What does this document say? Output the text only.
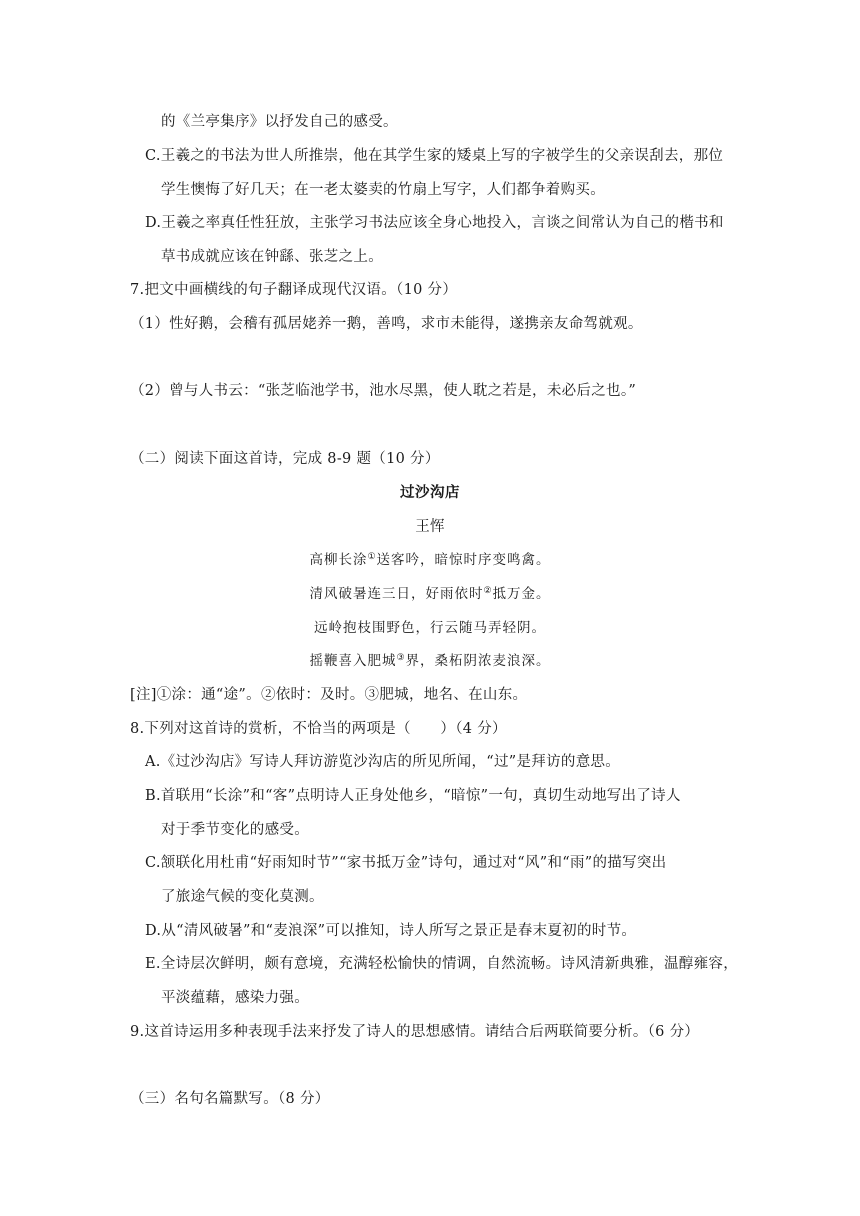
的《兰亭集序》以抒发自己的感受。
C.王羲之的书法为世人所推崇，他在其学生家的矮桌上写的字被学生的父亲误刮去，那位
学生懊悔了好几天；在一老太婆卖的竹扇上写字，人们都争着购买。
D.王羲之率真任性狂放，主张学习书法应该全身心地投入，言谈之间常认为自己的楷书和
草书成就应该在钟繇、张芝之上。
7.把文中画横线的句子翻译成现代汉语。（10 分）
（1）性好鹅，会稽有孤居姥养一鹅，善鸣，求市未能得，遂携亲友命驾就观。
（2）曾与人书云：“张芝临池学书，池水尽黑，使人耽之若是，未必后之也。”
（二）阅读下面这首诗，完成 8-9 题（10 分）
过沙沟店
王恽
高柳长涂①送客吟，暗惊时序变鸣禽。
清风破暑连三日，好雨依时②抵万金。
远岭抱枝围野色，行云随马弄轻阴。
摇鞭喜入肥城③界，桑柘阴浓麦浪深。
[注]①涂：通“途”。②依时：及时。③肥城，地名、在山东。
8.下列对这首诗的赏析，不恰当的两项是（　　）（4 分）
A.《过沙沟店》写诗人拜访游览沙沟店的所见所闻，“过”是拜访的意思。
B.首联用“长涂”和“客”点明诗人正身处他乡，“暗惊”一句，真切生动地写出了诗人
对于季节变化的感受。
C.颔联化用杜甫“好雨知时节”“家书抵万金”诗句，通过对“风”和“雨”的描写突出
了旅途气候的变化莫测。
D.从“清风破暑”和“麦浪深”可以推知，诗人所写之景正是春末夏初的时节。
E.全诗层次鲜明，颇有意境，充满轻松愉快的情调，自然流畅。诗风清新典雅，温醇雍容，
平淡蕴藉，感染力强。
9.这首诗运用多种表现手法来抒发了诗人的思想感情。请结合后两联简要分析。（6 分）
（三）名句名篇默写。（8 分）
